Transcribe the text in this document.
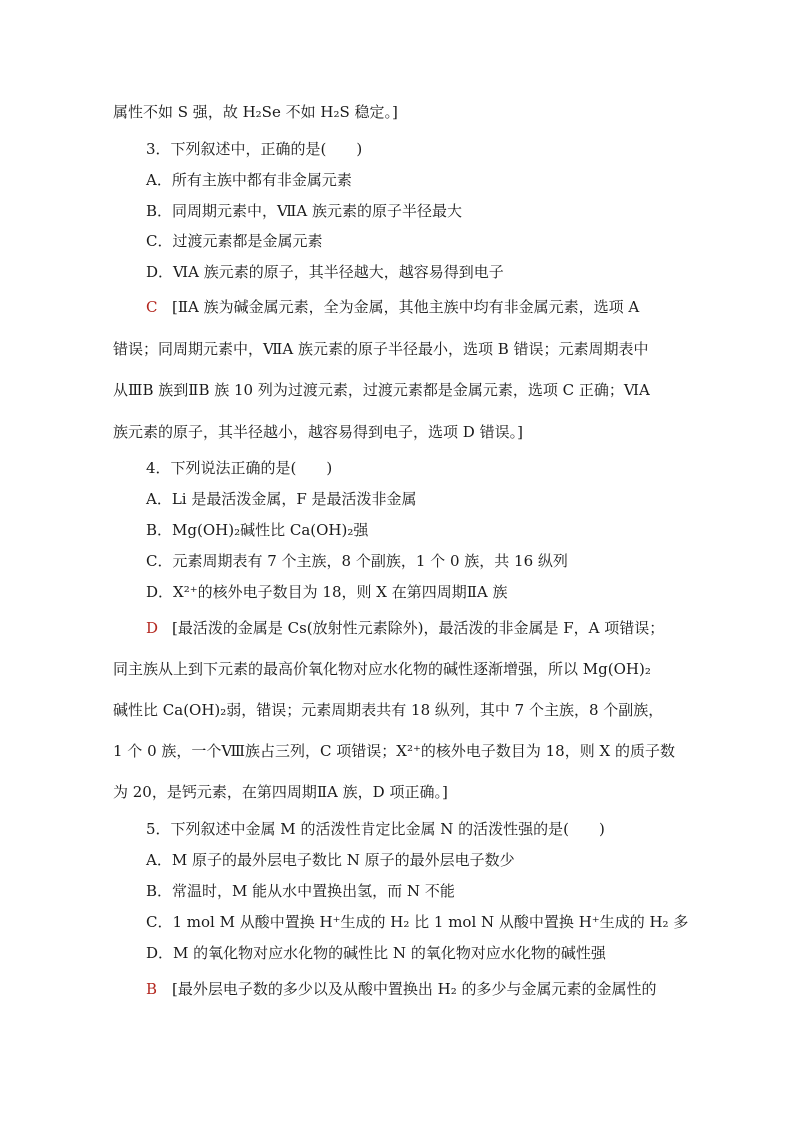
属性不如 S 强，故 H₂Se 不如 H₂S 稳定。]
3．下列叙述中，正确的是(　　)
A．所有主族中都有非金属元素
B．同周期元素中，ⅦA 族元素的原子半径最大
C．过渡元素都是金属元素
D．ⅥA 族元素的原子，其半径越大，越容易得到电子
C [ⅡA 族为碱金属元素，全为金属，其他主族中均有非金属元素，选项 A
错误；同周期元素中，ⅦA 族元素的原子半径最小，选项 B 错误；元素周期表中
从ⅢB 族到ⅡB 族 10 列为过渡元素，过渡元素都是金属元素，选项 C 正确；ⅥA
族元素的原子，其半径越小，越容易得到电子，选项 D 错误。]
4．下列说法正确的是(　　)
A．Li 是最活泼金属，F 是最活泼非金属
B．Mg(OH)₂碱性比 Ca(OH)₂强
C．元素周期表有 7 个主族，8 个副族，1 个 0 族，共 16 纵列
D．X²⁺的核外电子数目为 18，则 X 在第四周期ⅡA 族
D [最活泼的金属是 Cs(放射性元素除外)，最活泼的非金属是 F，A 项错误；
同主族从上到下元素的最高价氧化物对应水化物的碱性逐渐增强，所以 Mg(OH)₂
碱性比 Ca(OH)₂弱，错误；元素周期表共有 18 纵列，其中 7 个主族，8 个副族，
1 个 0 族，一个Ⅷ族占三列，C 项错误；X²⁺的核外电子数目为 18，则 X 的质子数
为 20，是钙元素，在第四周期ⅡA 族，D 项正确。]
5．下列叙述中金属 M 的活泼性肯定比金属 N 的活泼性强的是(　　)
A．M 原子的最外层电子数比 N 原子的最外层电子数少
B．常温时，M 能从水中置换出氢，而 N 不能
C．1 mol M 从酸中置换 H⁺生成的 H₂ 比 1 mol N 从酸中置换 H⁺生成的 H₂ 多
D．M 的氧化物对应水化物的碱性比 N 的氧化物对应水化物的碱性强
B [最外层电子数的多少以及从酸中置换出 H₂ 的多少与金属元素的金属性的
